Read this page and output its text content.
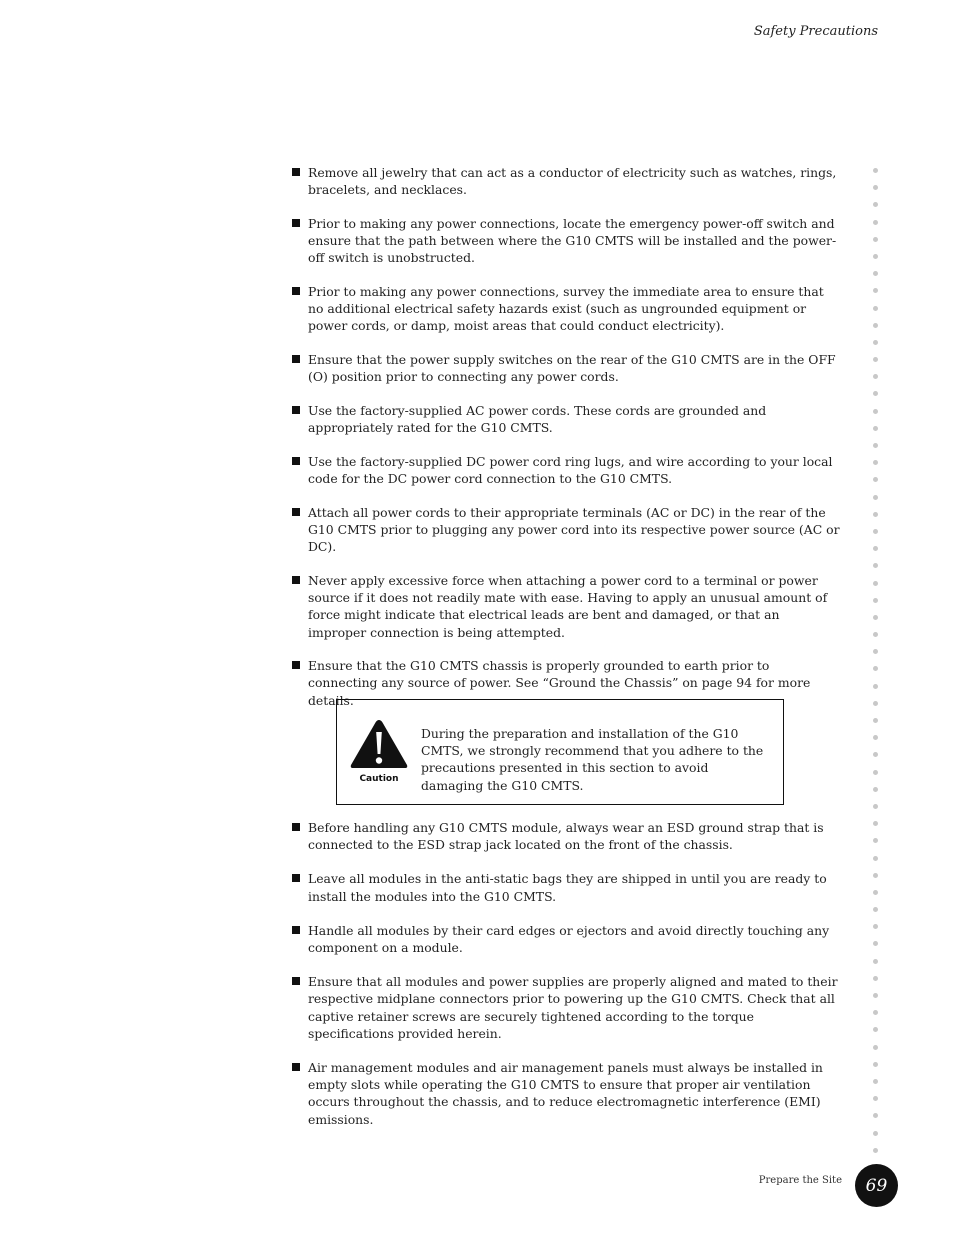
Safety Precautions
Remove all jewelry that can act as a conductor of electricity such as watches, rings, bracelets, and necklaces.
Prior to making any power connections, locate the emergency power-off switch and ensure that the path between where the G10 CMTS will be installed and the power-off switch is unobstructed.
Prior to making any power connections, survey the immediate area to ensure that no additional electrical safety hazards exist (such as ungrounded equipment or power cords, or damp, moist areas that could conduct electricity).
Ensure that the power supply switches on the rear of the G10 CMTS are in the OFF (O) position prior to connecting any power cords.
Use the factory-supplied AC power cords. These cords are grounded and appropriately rated for the G10 CMTS.
Use the factory-supplied DC power cord ring lugs, and wire according to your local code for the DC power cord connection to the G10 CMTS.
Attach all power cords to their appropriate terminals (AC or DC) in the rear of the G10 CMTS prior to plugging any power cord into its respective power source (AC or DC).
Never apply excessive force when attaching a power cord to a terminal or power source if it does not readily mate with ease. Having to apply an unusual amount of force might indicate that electrical leads are bent and damaged, or that an improper connection is being attempted.
Ensure that the G10 CMTS chassis is properly grounded to earth prior to connecting any source of power. See “Ground the Chassis” on page 94 for more details.
Caution
During the preparation and installation of the G10 CMTS, we strongly recommend that you adhere to the precautions presented in this section to avoid damaging the G10 CMTS.
Before handling any G10 CMTS module, always wear an ESD ground strap that is connected to the ESD strap jack located on the front of the chassis.
Leave all modules in the anti-static bags they are shipped in until you are ready to install the modules into the G10 CMTS.
Handle all modules by their card edges or ejectors and avoid directly touching any component on a module.
Ensure that all modules and power supplies are properly aligned and mated to their respective midplane connectors prior to powering up the G10 CMTS. Check that all captive retainer screws are securely tightened according to the torque specifications provided herein.
Air management modules and air management panels must always be installed in empty slots while operating the G10 CMTS to ensure that proper air ventilation occurs throughout the chassis, and to reduce electromagnetic interference (EMI) emissions.
Prepare the Site 69
